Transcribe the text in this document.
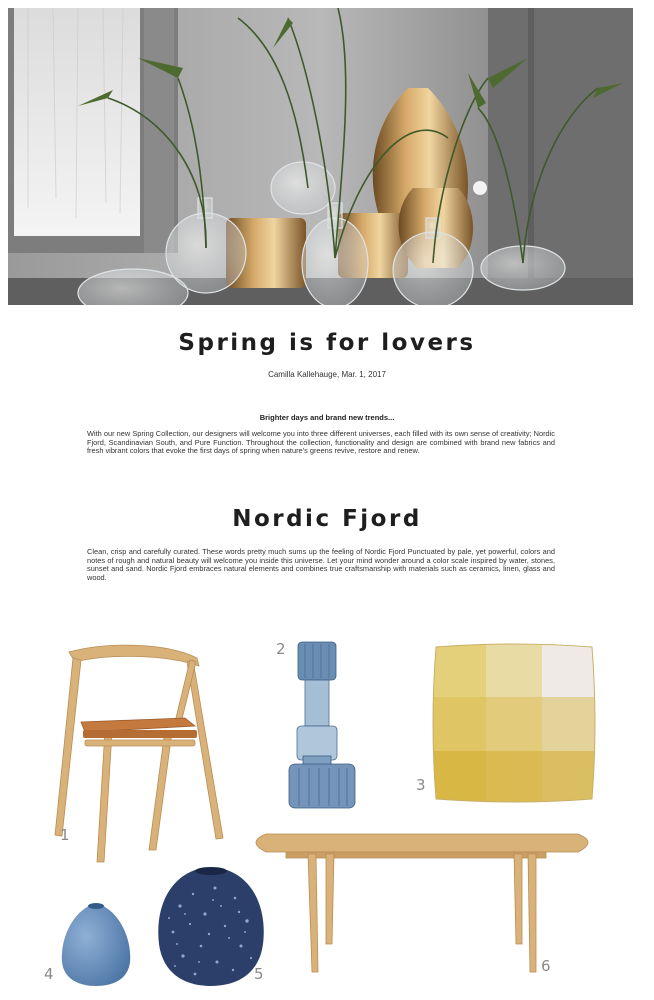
Spring is for lovers
Camilla Kallehauge, Mar. 1, 2017
Brighter days and brand new trends...

With our new Spring Collection, our designers will welcome you into three different universes, each filled with its own sense of creativity; Nordic Fjord, Scandinavian South, and Pure Function. Throughout the collection, functionality and design are combined with brand new fabrics and fresh vibrant colors that evoke the first days of spring when nature's greens revive, restore and renew.

Nordic Fjord

Clean, crisp and carefully curated. These words pretty much sums up the feeling of Nordic Fjord Punctuated by pale, yet powerful, colors and notes of rough and natural beauty will welcome you inside this universe. Let your mind wonder around a color scale inspired by water, stones, sunset and sand. Nordic Fjord embraces natural elements and combines true craftsmanship with materials such as ceramics, linen, glass and wood.

1
2
3
6
4	5
